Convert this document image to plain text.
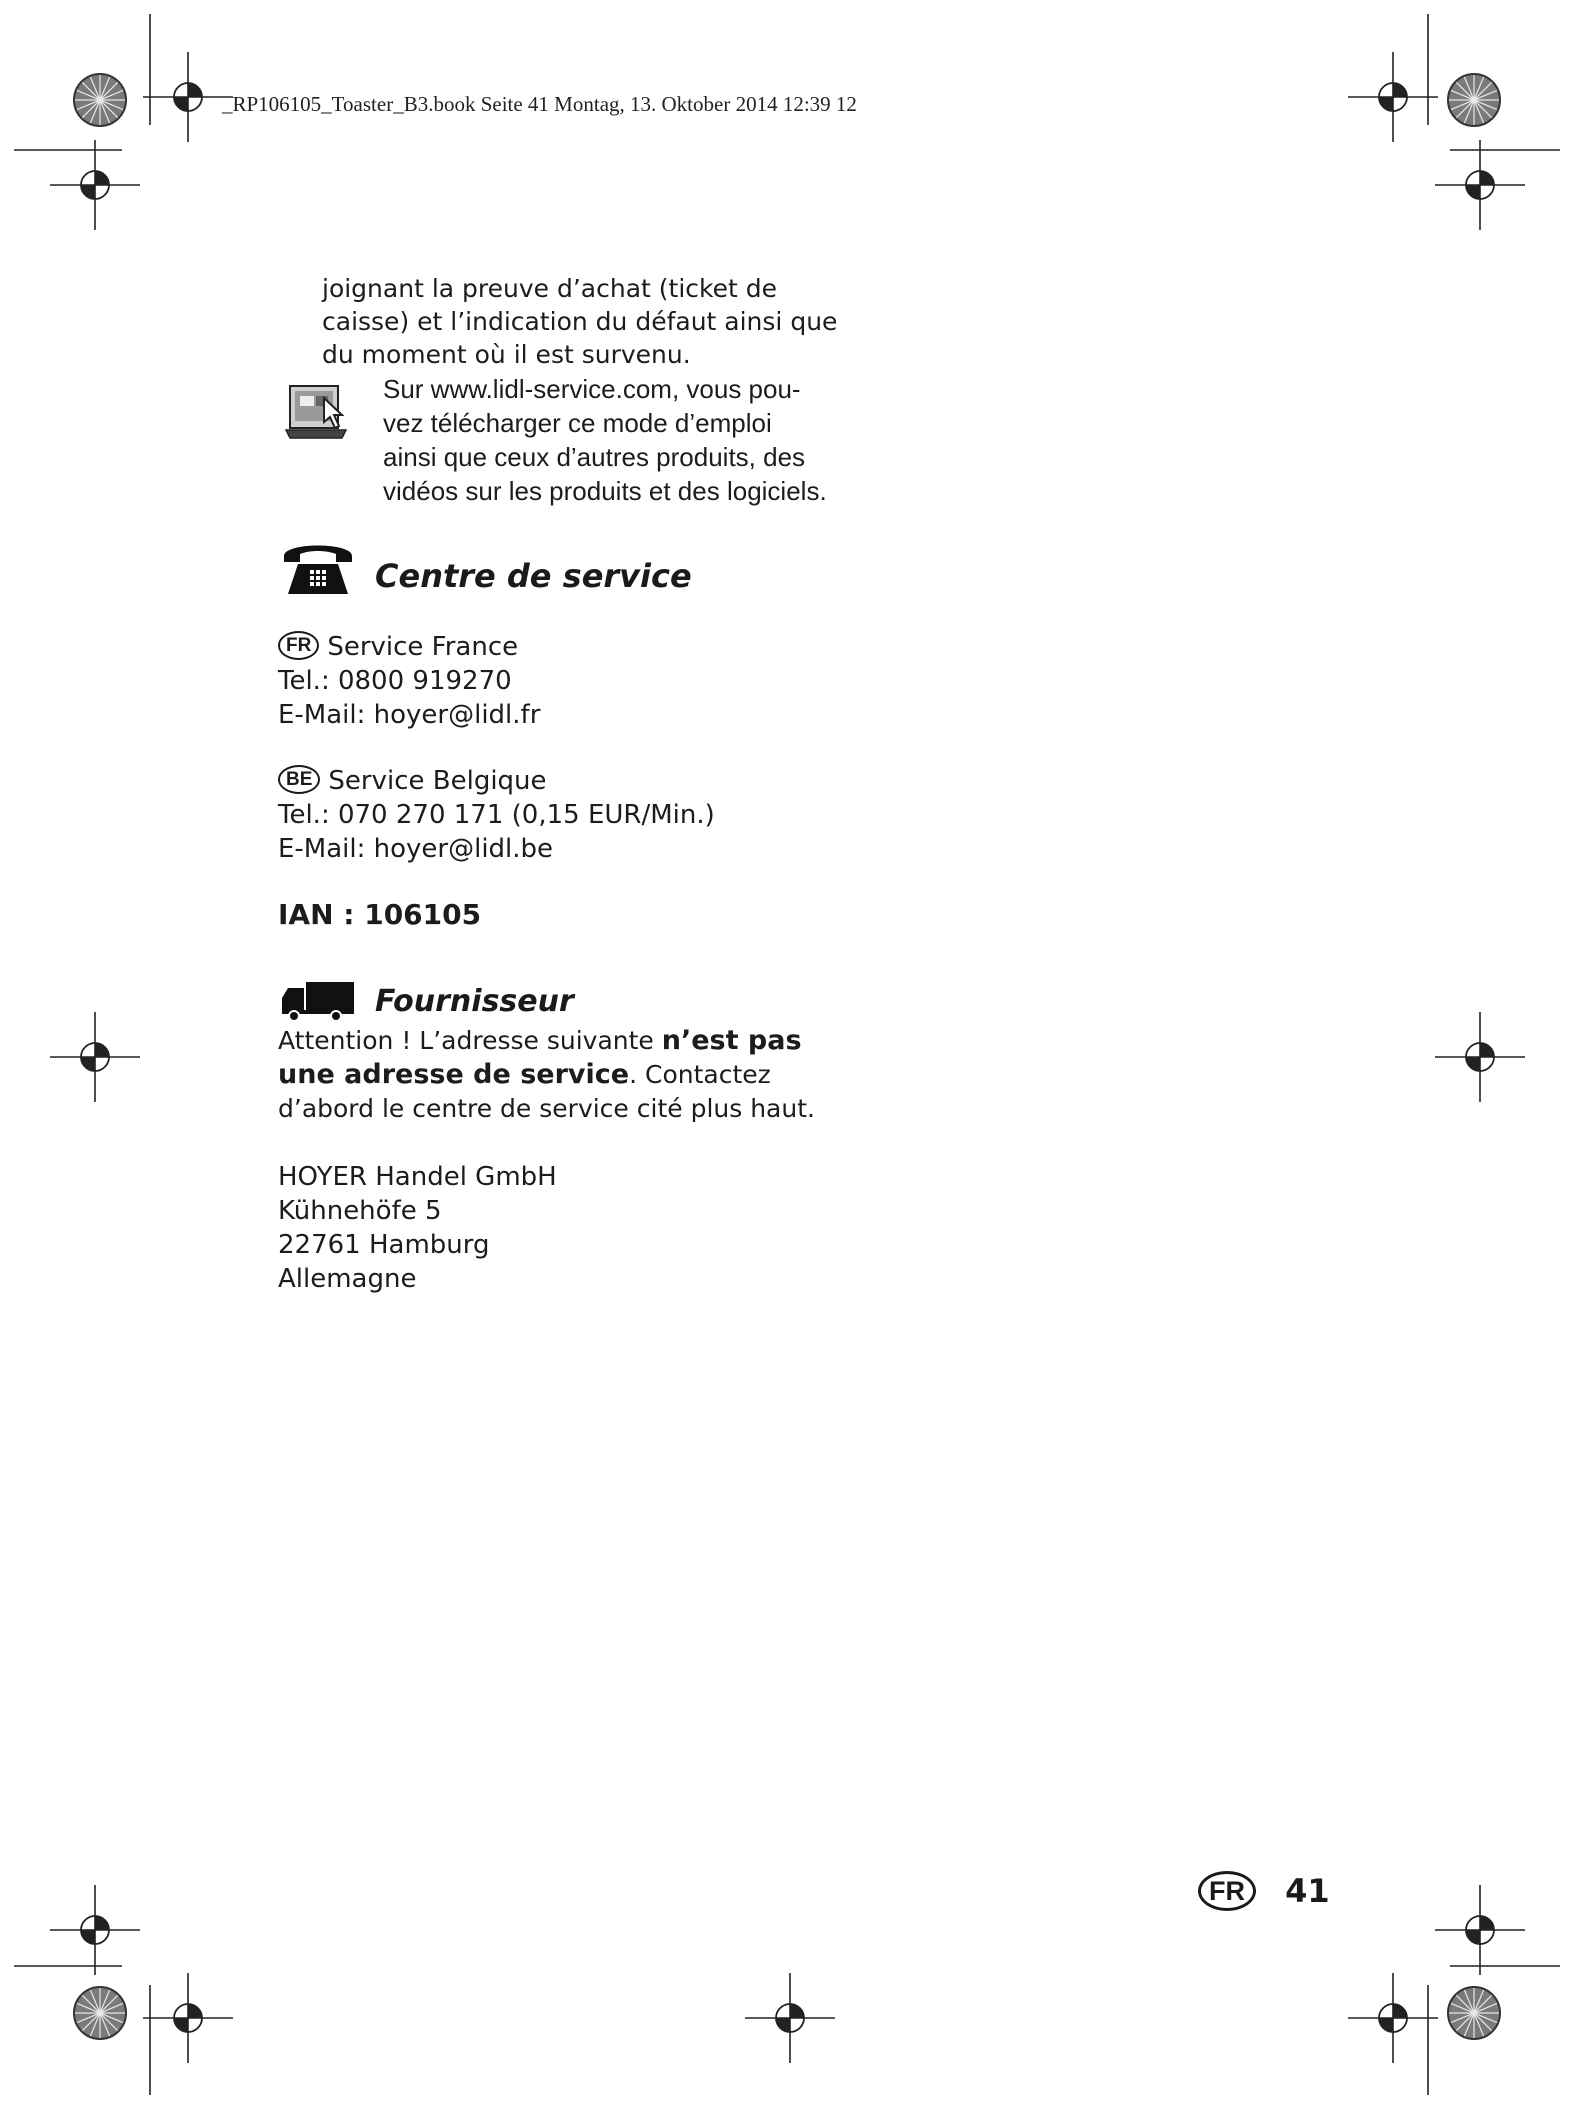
_RP106105_Toaster_B3.book Seite 41 Montag, 13. Oktober 2014 12:39 12

joignant la preuve d’achat (ticket de

caisse) et l’indication du défaut ainsi que

du moment où il est survenu.

Sur www.lidl-service.com, vous pou-

vez télécharger ce mode d’emploi

ainsi que ceux d’autres produits, des

vidéos sur les produits et des logiciels.

Centre de service

FR Service France

Tel.: 0800 919270

E-Mail: hoyer@lidl.fr

BE Service Belgique

Tel.: 070 270 171 (0,15 EUR/Min.)

E-Mail: hoyer@lidl.be

IAN : 106105
Fournisseur

Attention ! L’adresse suivante n’est pas

une adresse de service. Contactez

d’abord le centre de service cité plus haut.

HOYER Handel GmbH

Kühnehöfe 5

22761 Hamburg

Allemagne

FR 41
